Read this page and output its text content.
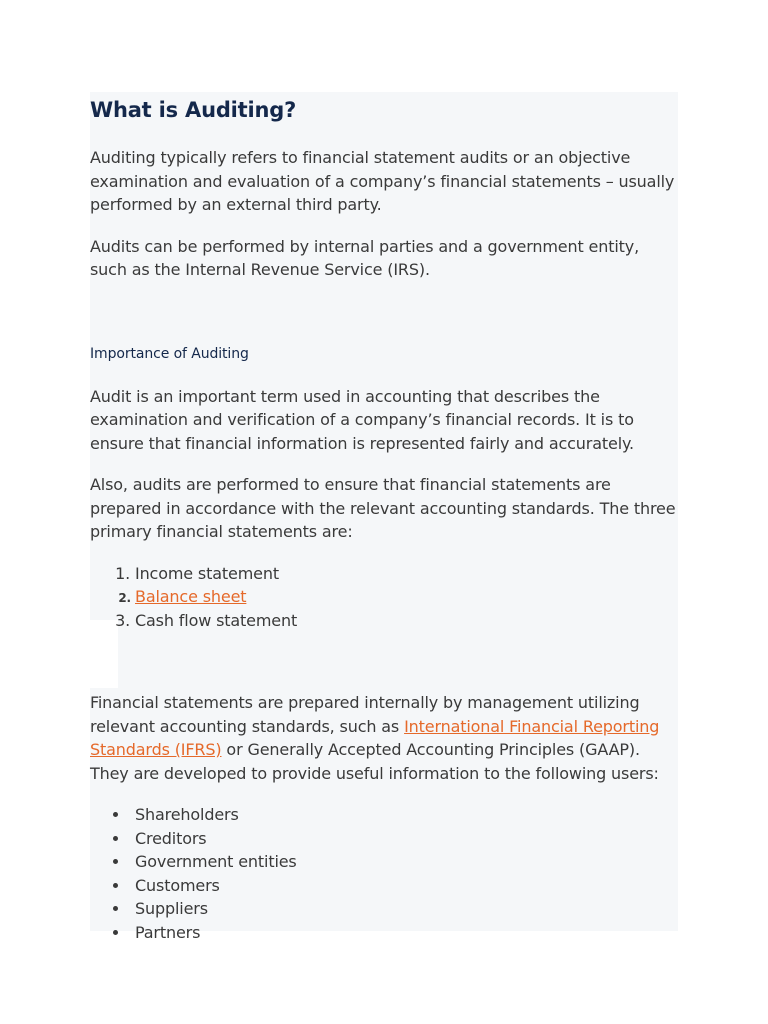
What is Auditing?

Auditing typically refers to financial statement audits or an objective examination and evaluation of a company’s financial statements – usually performed by an external third party.

Audits can be performed by internal parties and a government entity, such as the Internal Revenue Service (IRS).

Importance of Auditing

Audit is an important term used in accounting that describes the examination and verification of a company’s financial records. It is to ensure that financial information is represented fairly and accurately.

Also, audits are performed to ensure that financial statements are prepared in accordance with the relevant accounting standards. The three primary financial statements are:

1. Income statement
2. Balance sheet
3. Cash flow statement

Financial statements are prepared internally by management utilizing relevant accounting standards, such as International Financial Reporting Standards (IFRS) or Generally Accepted Accounting Principles (GAAP). They are developed to provide useful information to the following users:

Shareholders
Creditors
Government entities
Customers
Suppliers
Partners
